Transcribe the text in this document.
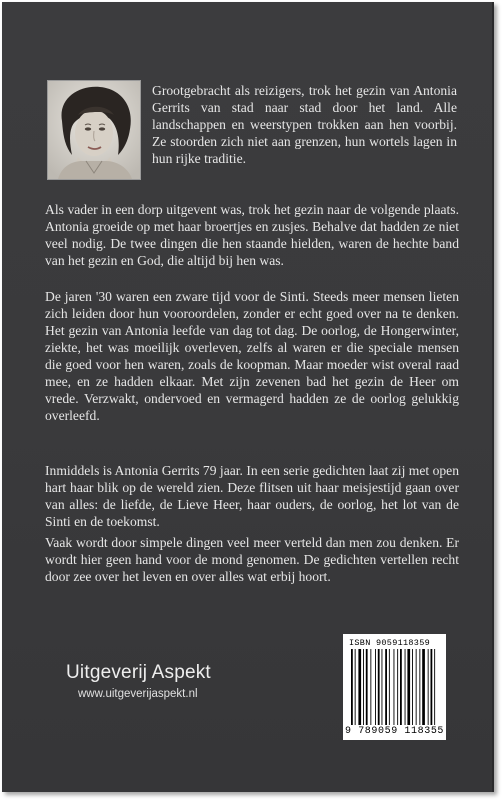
Grootgebracht als reizigers, trok het gezin van Antonia Gerrits van stad naar stad door het land. Alle landschappen en weerstypen trokken aan hen voorbij. Ze stoorden zich niet aan grenzen, hun wortels lagen in hun rijke traditie.

Als vader in een dorp uitgevent was, trok het gezin naar de volgende plaats. Antonia groeide op met haar broertjes en zusjes. Behalve dat hadden ze niet veel nodig. De twee dingen die hen staande hielden, waren de hechte band van het gezin en God, die altijd bij hen was.

De jaren '30 waren een zware tijd voor de Sinti. Steeds meer mensen lieten zich leiden door hun vooroordelen, zonder er echt goed over na te denken. Het gezin van Antonia leefde van dag tot dag. De oorlog, de Hongerwinter, ziekte, het was moeilijk overleven, zelfs al waren er die speciale mensen die goed voor hen waren, zoals de koopman. Maar moeder wist overal raad mee, en ze hadden elkaar. Met zijn zevenen bad het gezin de Heer om vrede. Verzwakt, ondervoed en vermagerd hadden ze de oorlog gelukkig overleefd.

Inmiddels is Antonia Gerrits 79 jaar. In een serie gedichten laat zij met open hart haar blik op de wereld zien. Deze flitsen uit haar meisjestijd gaan over van alles: de liefde, de Lieve Heer, haar ouders, de oorlog, het lot van de Sinti en de toekomst.

Vaak wordt door simpele dingen veel meer verteld dan men zou denken. Er wordt hier geen hand voor de mond genomen. De gedichten vertellen recht door zee over het leven en over alles wat erbij hoort.

Uitgeverij Aspekt
www.uitgeverijaspekt.nl
ISBN 9059118359
9 789059 118355
